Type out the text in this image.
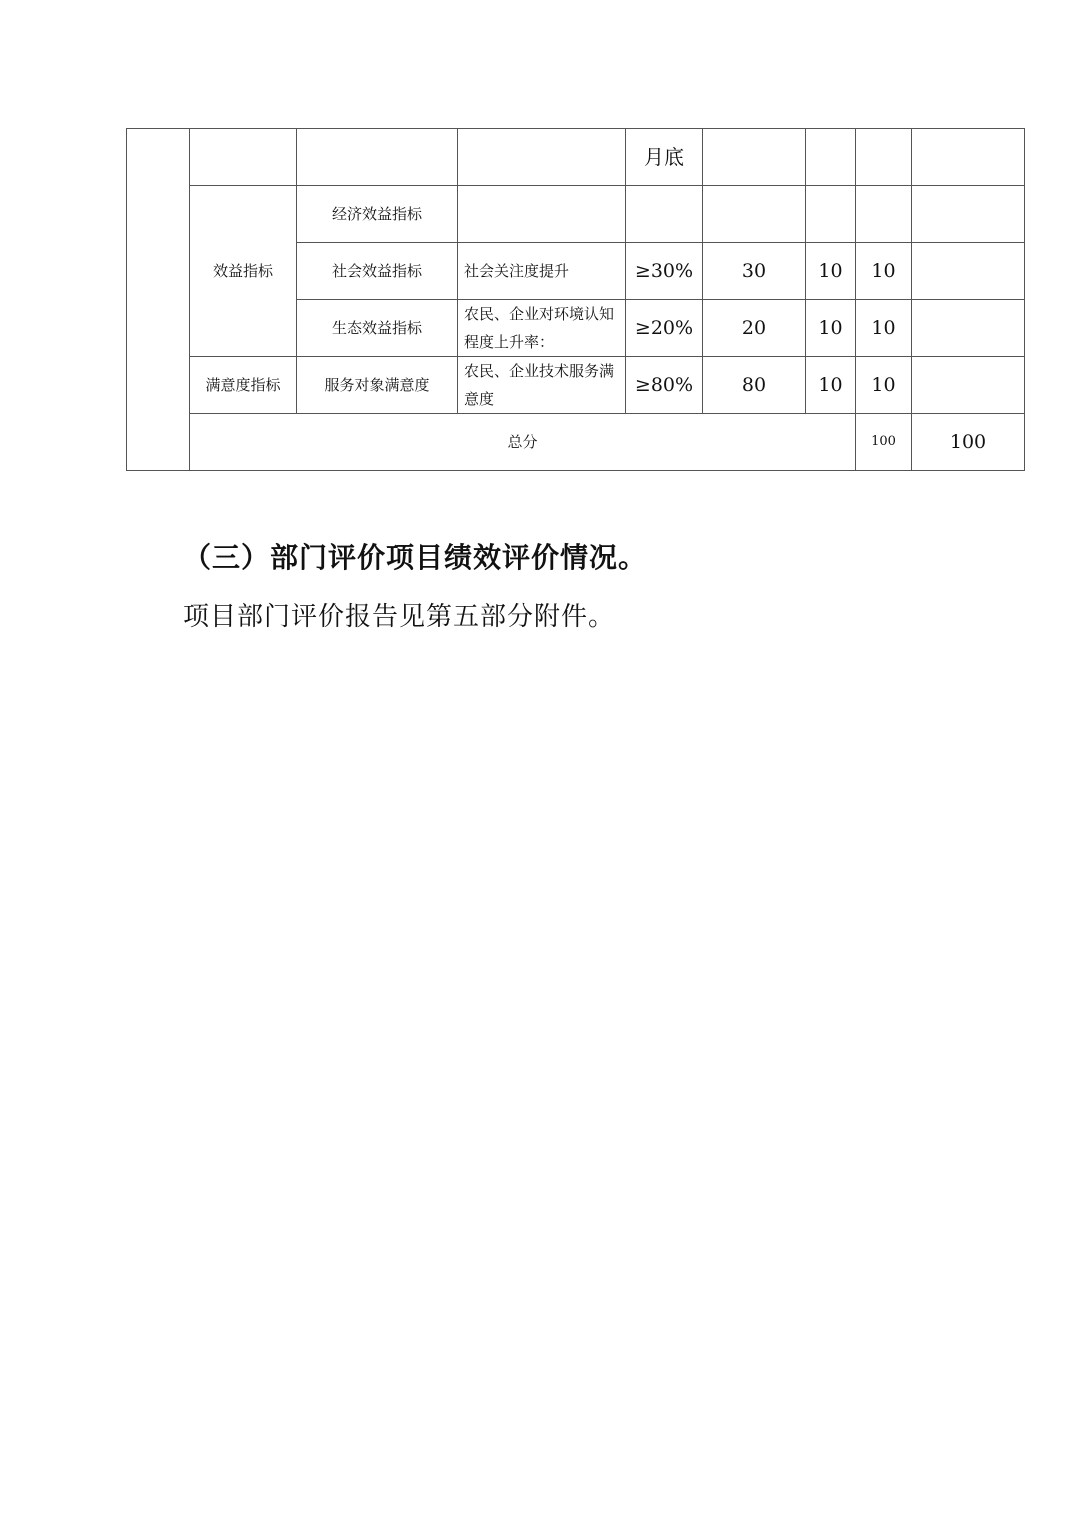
				月底					
	效益指标	经济效益指标							
		社会效益指标	社会关注度提升	≥30%	30	10	10		
		生态效益指标	农民、企业对环境认知程度上升率：	≥20%	20	10	10		
	满意度指标	服务对象满意度	农民、企业技术服务满意度	≥80%	80	10	10		
	总分						100	100	

（三）部门评价项目绩效评价情况。

项目部门评价报告见第五部分附件。
